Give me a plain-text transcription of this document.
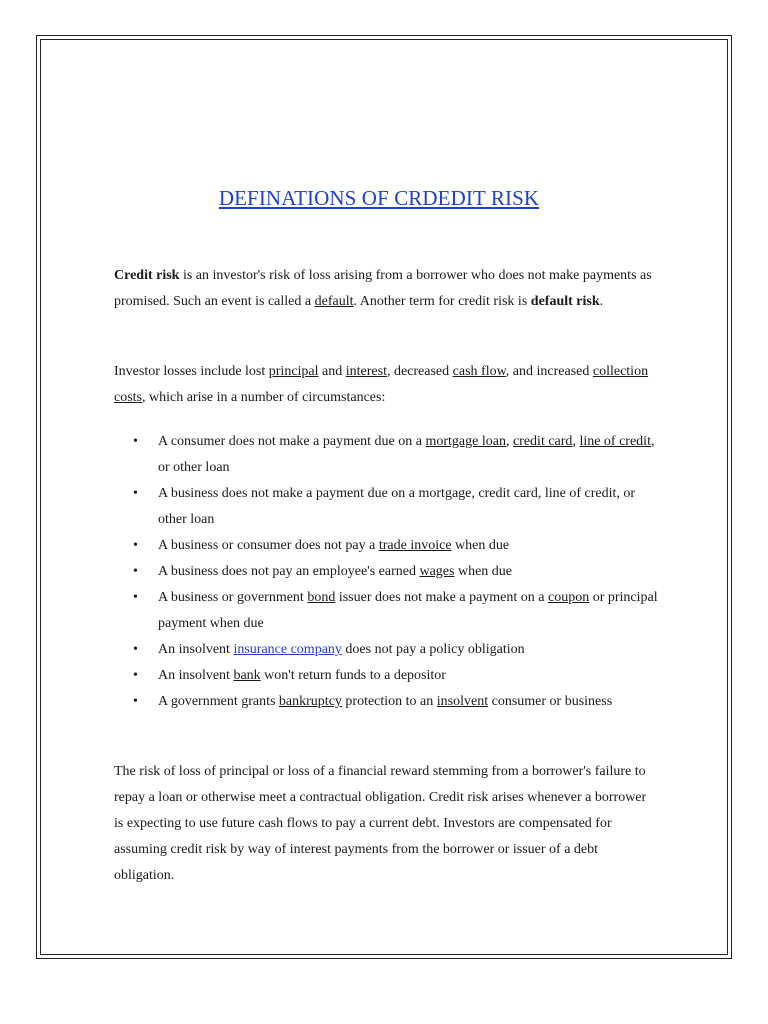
DEFINATIONS OF CRDEDIT RISK

Credit risk is an investor's risk of loss arising from a borrower who does not make payments as promised. Such an event is called a default. Another term for credit risk is default risk.

Investor losses include lost principal and interest, decreased cash flow, and increased collection costs, which arise in a number of circumstances:

• A consumer does not make a payment due on a mortgage loan, credit card, line of credit, or other loan
• A business does not make a payment due on a mortgage, credit card, line of credit, or other loan
• A business or consumer does not pay a trade invoice when due
• A business does not pay an employee's earned wages when due
• A business or government bond issuer does not make a payment on a coupon or principal payment when due
• An insolvent insurance company does not pay a policy obligation
• An insolvent bank won't return funds to a depositor
• A government grants bankruptcy protection to an insolvent consumer or business

The risk of loss of principal or loss of a financial reward stemming from a borrower's failure to repay a loan or otherwise meet a contractual obligation. Credit risk arises whenever a borrower is expecting to use future cash flows to pay a current debt. Investors are compensated for assuming credit risk by way of interest payments from the borrower or issuer of a debt obligation.
